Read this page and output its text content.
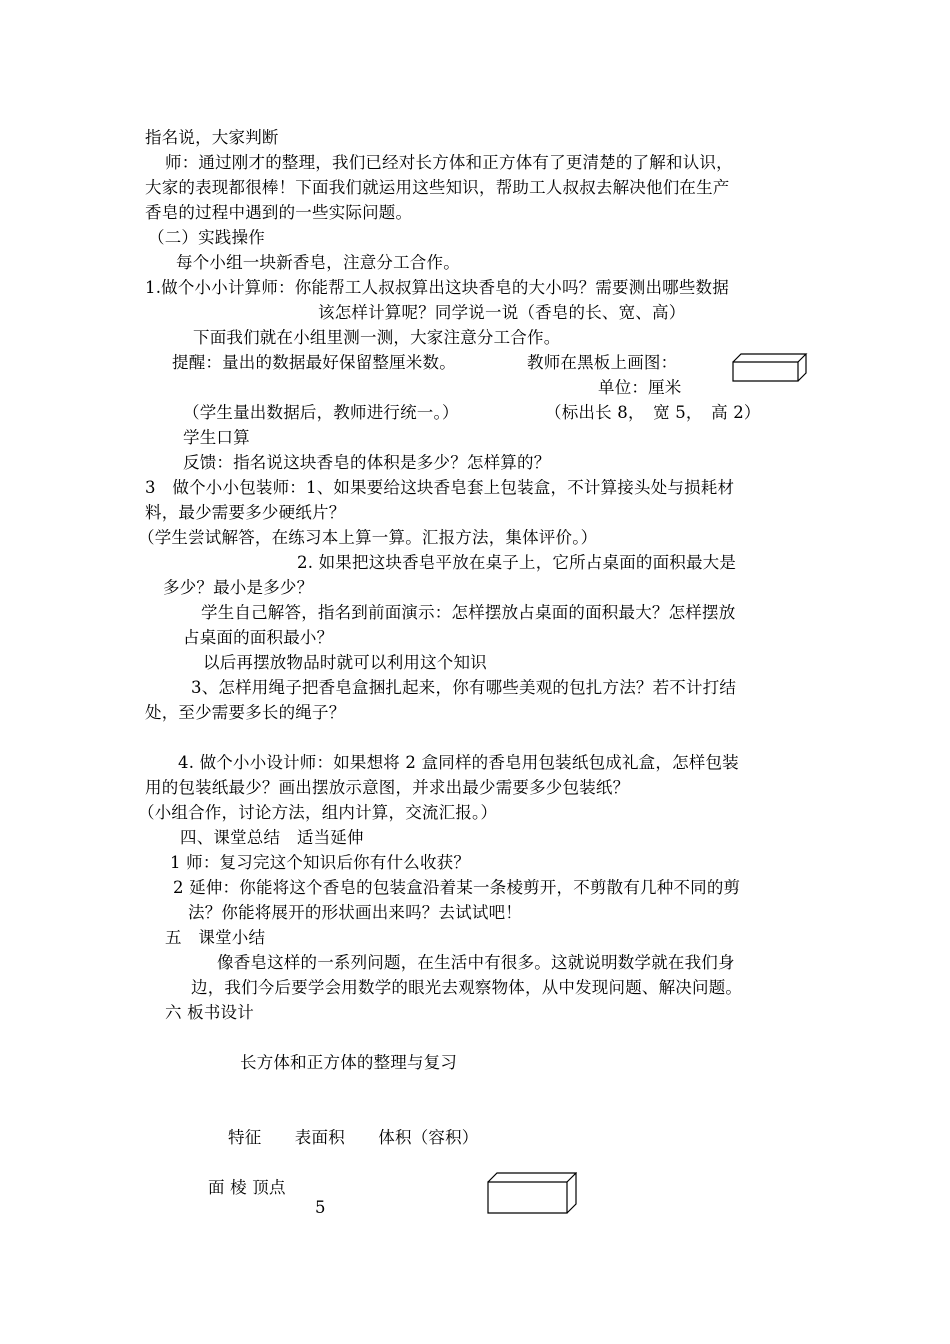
指名说，大家判断
师：通过刚才的整理，我们已经对长方体和正方体有了更清楚的了解和认识，
大家的表现都很棒！下面我们就运用这些知识，帮助工人叔叔去解决他们在生产
香皂的过程中遇到的一些实际问题。
（二）实践操作
每个小组一块新香皂，注意分工合作。
1.做个小小计算师：你能帮工人叔叔算出这块香皂的大小吗？需要测出哪些数据
该怎样计算呢？同学说一说（香皂的长、宽、高）
下面我们就在小组里测一测，大家注意分工合作。
提醒：量出的数据最好保留整厘米数。	教师在黑板上画图：
单位：厘米
（学生量出数据后，教师进行统一。）	（标出长 8，　宽 5，　高 2）
学生口算
反馈：指名说这块香皂的体积是多少？怎样算的？
3　做个小小包装师：1、如果要给这块香皂套上包装盒，不计算接头处与损耗材
料，最少需要多少硬纸片？
（学生尝试解答，在练习本上算一算。汇报方法，集体评价。）
2. 如果把这块香皂平放在桌子上，它所占桌面的面积最大是
多少？最小是多少？
学生自己解答，指名到前面演示：怎样摆放占桌面的面积最大？怎样摆放
占桌面的面积最小？
以后再摆放物品时就可以利用这个知识
3、怎样用绳子把香皂盒捆扎起来，你有哪些美观的包扎方法？若不计打结
处，至少需要多长的绳子？
4. 做个小小设计师：如果想将 2 盒同样的香皂用包装纸包成礼盒，怎样包装
用的包装纸最少？画出摆放示意图，并求出最少需要多少包装纸？
（小组合作，讨论方法，组内计算，交流汇报。）
四、课堂总结　适当延伸
1 师：复习完这个知识后你有什么收获？
2 延伸：你能将这个香皂的包装盒沿着某一条棱剪开，不剪散有几种不同的剪
法？你能将展开的形状画出来吗？去试试吧！
五　课堂小结
像香皂这样的一系列问题，在生活中有很多。这就说明数学就在我们身
边，我们今后要学会用数学的眼光去观察物体，从中发现问题、解决问题。
六 板书设计
长方体和正方体的整理与复习
特征　　表面积　　体积（容积）
面 棱 顶点
5
